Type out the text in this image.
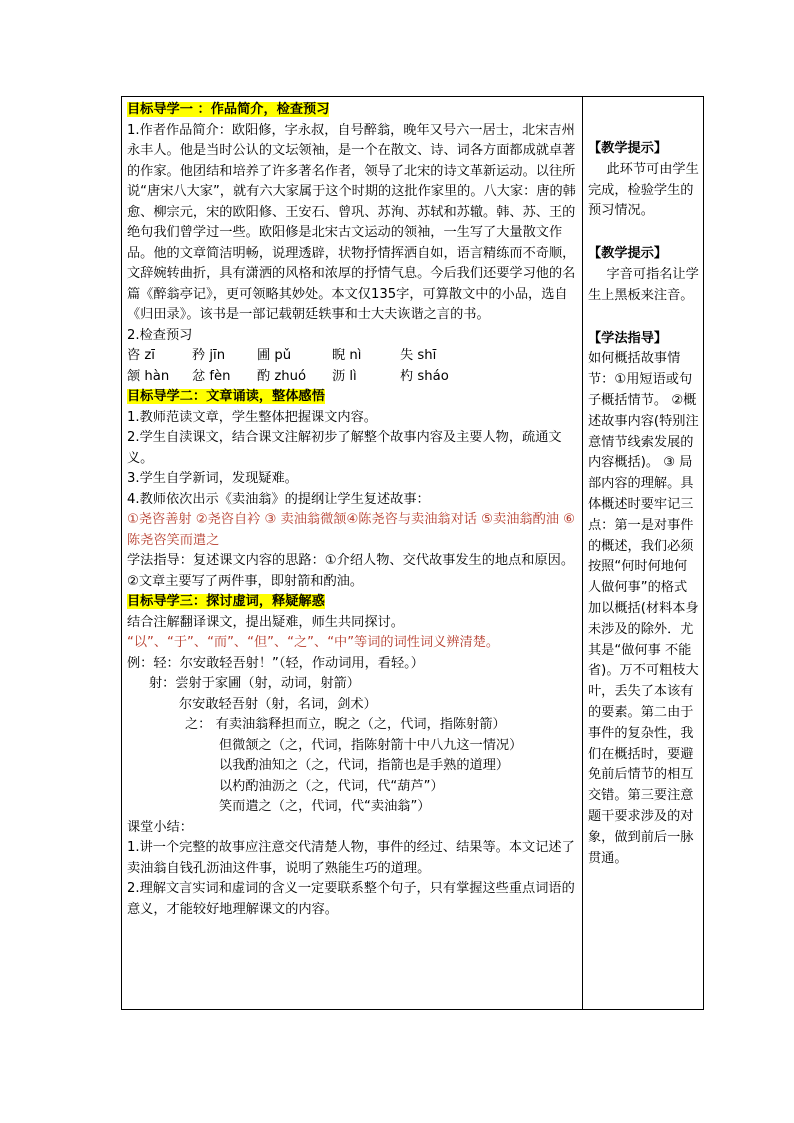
目标导学一 ：作品简介，检查预习

1.作者作品简介：欧阳修，字永叔，自号醉翁，晚年又号六一居士，北宋吉州永丰人。他是当时公认的文坛领袖，是一个在散文、诗、词各方面都成就卓著的作家。他团结和培养了许多著名作者，领导了北宋的诗文革新运动。以往所说“唐宋八大家”，就有六大家属于这个时期的这批作家里的。八大家：唐的韩愈、柳宗元，宋的欧阳修、王安石、曾巩、苏洵、苏轼和苏辙。韩、苏、王的绝句我们曾学过一些。欧阳修是北宋古文运动的领袖，一生写了大量散文作品。他的文章简洁明畅，说理透辟，状物抒情挥洒自如，语言精练而不奇顺，文辞婉转曲折，具有潇洒的风格和浓厚的抒情气息。今后我们还要学习他的名篇《醉翁亭记》，更可领略其妙处。本文仅135字，可算散文中的小品，选自《归田录》。该书是一部记载朝廷轶事和士大夫诙谐之言的书。

2.检查预习

咨 zī	矜 jīn	圃 pǔ	睨 nì	失 shī
颔 hàn	忿 fèn	酌 zhuó	沥 lì	杓 sháo
目标导学二：文章诵读，整体感悟

1.教师范读文章，学生整体把握课文内容。

2.学生自渎课文，结合课文注解初步了解整个故事内容及主要人物，疏通文义。

3.学生自学新词，发现疑难。

4.教师依次出示《卖油翁》的提纲让学生复述故事：

①尧咨善射 ②尧咨自衿 ③ 卖油翁微颔④陈尧咨与卖油翁对话 ⑤卖油翁酌油 ⑥陈尧咨笑而遣之

学法指导：复述课文内容的思路：①介绍人物、交代故事发生的地点和原因。 ②文章主要写了两件事，即射箭和酌油。

目标导学三：探讨虚词，释疑解惑

结合注解翻译课文，提出疑难，师生共同探讨。

“以”、“于”、“而”、“但”、“之”、“中”等词的词性词义辨清楚。

例：轻：尔安敢轻吾射！”（轻，作动词用，看轻。）

射：尝射于家圃（射，动词，射箭）

尔安敢轻吾射（射，名词，剑术）

之： 有卖油翁释担而立，睨之（之，代词，指陈射箭）

但微颔之（之，代词，指陈射箭十中八九这一情况）

以我酌油知之（之，代词，指箭也是手熟的道理）

以杓酌油沥之（之，代词，代“葫芦”）

笑而遣之（之，代词，代“卖油翁”）

课堂小结：

1.讲一个完整的故事应注意交代清楚人物，事件的经过、结果等。本文记述了卖油翁自钱孔沥油这件事，说明了熟能生巧的道理。

2.理解文言实词和虚词的含义一定要联系整个句子，只有掌握这些重点词语的意义，才能较好地理解课文的内容。

【教学提示】

此环节可由学生完成，检验学生的预习情况。

【教学提示】

字音可指名让学生上黑板来注音。

【学法指导】

如何概括故事情节：①用短语或句子概括情节。 ②概述故事内容(特别注意情节线索发展的内容概括)。 ③ 局部内容的理解。具体概述时要牢记三点：第一是对事件的概述，我们必须按照“何时何地何人做何事”的格式加以概括(材料本身未涉及的除外．尤其是“做何事 不能省)。万不可粗枝大叶，丢失了本该有的要素。第二由于事件的复杂性，我们在概括时，要避免前后情节的相互交错。第三要注意题干要求涉及的对象，做到前后一脉贯通。
